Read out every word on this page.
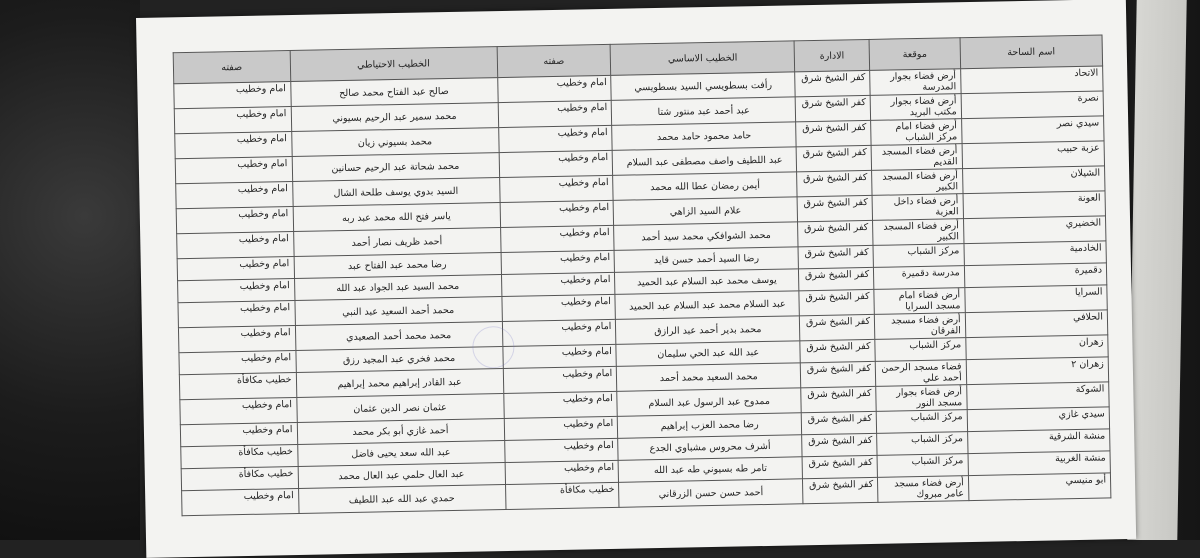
اسم الساحة	موقعة	الادارة	الخطيب الاساسي	صفته	الخطيب الاحتياطي	صفته
الاتحاد	أرض فضاء بجوار المدرسة	كفر الشيخ شرق	رأفت بسطويسي السيد بسطويسي	امام وخطيب	صالح عبد الفتاح محمد صالح	امام وخطيب
نصرة	أرض فضاء بجوار مكتب البريد	كفر الشيخ شرق	عبد أحمد عبد منتور شتا	امام وخطيب	محمد سمير عبد الرحيم بسيوني	امام وخطيب
سيدي نصر	أرض فضاء امام مركز الشباب	كفر الشيخ شرق	حامد محمود حامد محمد	امام وخطيب	محمد بسيوني زيان	امام وخطيب
عزبة حبيب	أرض فضاء المسجد القديم	كفر الشيخ شرق	عبد اللطيف واصف مصطفى عبد السلام	امام وخطيب	محمد شحاتة عبد الرحيم حسانين	امام وخطيب
الشيلان	أرض فضاء المسجد الكبير	كفر الشيخ شرق	أيمن رمضان عطا الله محمد	امام وخطيب	السيد بدوي يوسف طلحة الشال	امام وخطيب
العونة	أرض فضاء داخل العزبة	كفر الشيخ شرق	علام السيد الزاهي	امام وخطيب	ياسر فتح الله محمد عبد ربه	امام وخطيب
الخضيري	أرض فضاء المسجد الكبير	كفر الشيخ شرق	محمد الشوافكي محمد سيد أحمد	امام وخطيب	أحمد ظريف نصار أحمد	امام وخطيب
الخادمية	مركز الشباب	كفر الشيخ شرق	رضا السيد أحمد حسن قايد	امام وخطيب	رضا محمد عبد الفتاح عبد	امام وخطيب
دقميرة	مدرسة دقميرة	كفر الشيخ شرق	يوسف محمد عبد السلام عبد الحميد	امام وخطيب	محمد السيد عبد الجواد عبد الله	امام وخطيب
السرايا	أرض فضاء امام مسجد السرايا	كفر الشيخ شرق	عبد السلام محمد عبد السلام عبد الحميد	امام وخطيب	محمد أحمد السعيد عبد النبي	امام وخطيب
الحلافي	أرض فضاء مسجد الفرقان	كفر الشيخ شرق	محمد بدير أحمد عبد الرازق	امام وخطيب	محمد محمد أحمد الصعيدي	امام وخطيب
زهران	مركز الشباب	كفر الشيخ شرق	عبد الله عبد الحي سليمان	امام وخطيب	محمد فخري عبد المجيد رزق	امام وخطيب
زهران ٢	فضاء مسجد الرحمن أحمد علي	كفر الشيخ شرق	محمد السعيد محمد أحمد	امام وخطيب	عبد القادر إبراهيم محمد إبراهيم	خطيب مكافأة
الشوكة	أرض فضاء بجوار مسجد النور	كفر الشيخ شرق	ممدوح عبد الرسول عبد السلام	امام وخطيب	عثمان نصر الدين عثمان	امام وخطيب
سيدي غازي	مركز الشباب	كفر الشيخ شرق	رضا محمد العزب إبراهيم	امام وخطيب	أحمد غازي أبو بكر محمد	امام وخطيب
منشة الشرقية	مركز الشباب	كفر الشيخ شرق	أشرف محروس مشباوي الجدع	امام وخطيب	عبد الله سعد يحيى فاضل	خطيب مكافأة
منشة الغربية	مركز الشباب	كفر الشيخ شرق	تامر طه بسيوني طه عبد الله	امام وخطيب	عبد العال حلمي عبد العال محمد	خطيب مكافأة
أبو منيسي	أرض فضاء مسجد عامر مبروك	كفر الشيخ شرق	أحمد حسن حسن الزرقاني	خطيب مكافأة	حمدي عبد الله عبد اللطيف	امام وخطيب
